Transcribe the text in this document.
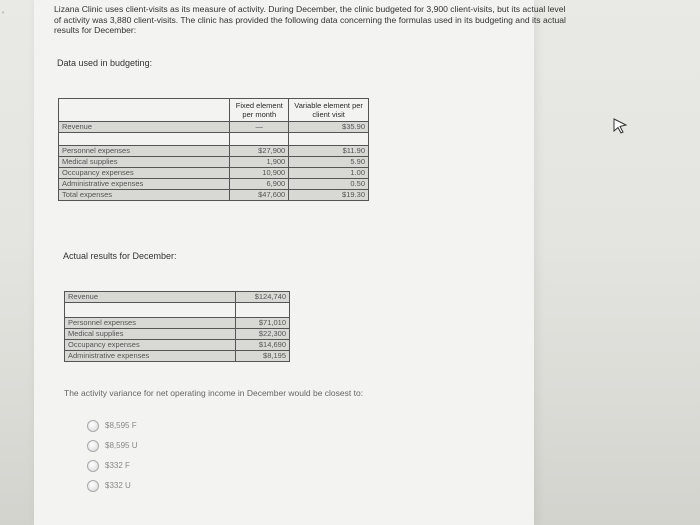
’
Lizana Clinic uses client-visits as its measure of activity. During December, the clinic budgeted for 3,900 client-visits, but its actual level of activity was 3,880 client-visits. The clinic has provided the following data concerning the formulas used in its budgeting and its actual results for December:
Data used in budgeting:
	Fixed element per month	Variable element per client visit
Revenue	—	$35.90

Personnel expenses	$27,900	$11.90
Medical supplies	1,900	5.90
Occupancy expenses	10,900	1.00
Administrative expenses	6,900	0.50
Total expenses	$47,600	$19.30
Actual results for December:
Revenue	$124,740

Personnel expenses	$71,010
Medical supplies	$22,300
Occupancy expenses	$14,690
Administrative expenses	$8,195
The activity variance for net operating income in December would be closest to:
$8,595 F
$8,595 U
$332 F
$332 U
